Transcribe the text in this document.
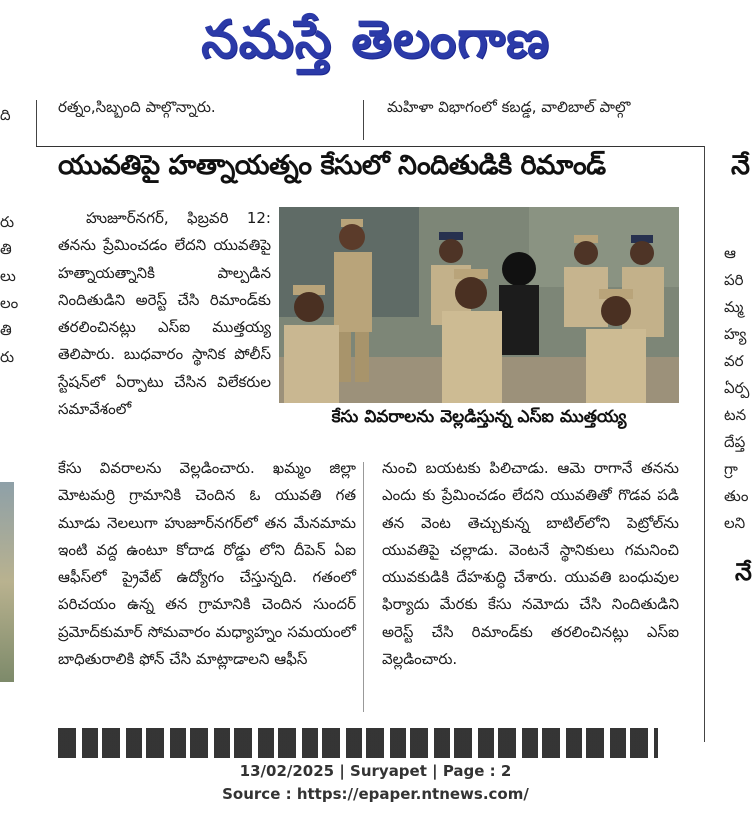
నమస్తే తెలంగాణ
రత్నం,సిబ్బంది పాల్గొన్నారు.	మహిళా విభాగంలో కబడ్డ, వాలిబాల్ పాల్గొ
ది
రు
తి
లు
లం
తి
రు
నే
ఆ
పరి
మ్మ
హ్య
వర
ఏర్ప
టన
దేప్త
గ్రా
తుం
లని
నే
యువతిపై హత్నాయత్నం కేసులో నిందితుడికి రిమాండ్

హుజూర్‌నగర్, ఫిబ్రవరి 12: తనను ప్రేమించడం లేదని యువతిపై హత్నాయత్నానికి పాల్పడిన నిందితుడిని అరెస్ట్ చేసి రిమాండ్‌కు తరలించినట్లు ఎస్ఐ ముత్తయ్య తెలిపారు. బుధవారం స్థానిక పోలీస్ స్టేషన్‌లో ఏర్పాటు చేసిన విలేకరుల సమావేశంలో	కేసు వివరాలను వెల్లడిస్తున్న ఎస్ఐ ముత్తయ్య

కేసు వివరాలను వెల్లడించారు. ఖమ్మం జిల్లా మోటమర్రి గ్రామానికి చెందిన ఓ యువతి గత మూడు నెలలుగా హుజూర్‌నగర్‌లో తన మేనమామ ఇంటి వద్ద ఉంటూ కోదాడ రోడ్డు లోని దీపెన్ ఏఐ ఆఫీస్‌లో ప్రైవేట్ ఉద్యోగం చేస్తున్నది. గతంలో పరిచయం ఉన్న తన గ్రామానికి చెందిన సుందర్ ప్రమోద్‌కుమార్ సోమవారం మధ్యాహ్నం సమయంలో బాధితురాలికి ఫోన్ చేసి మాట్లాడాలని ఆఫీస్

నుంచి బయటకు పిలిచాడు. ఆమె రాగానే తనను ఎందు కు ప్రేమించడం లేదని యువతితో గొడవ పడి తన వెంట తెచ్చుకున్న బాటిల్‌లోని పెట్రోల్‌ను యువతిపై చల్లాడు. వెంటనే స్థానికులు గమనించి యువకుడికి దేహశుద్ధి చేశారు. యువతి బంధువుల ఫిర్యాదు మేరకు కేసు నమోదు చేసి నిందితుడిని అరెస్ట్ చేసి రిమాండ్‌కు తరలించినట్లు ఎస్ఐ వెల్లడించారు.

13/02/2025 | Suryapet | Page : 2
Source : https://epaper.ntnews.com/
